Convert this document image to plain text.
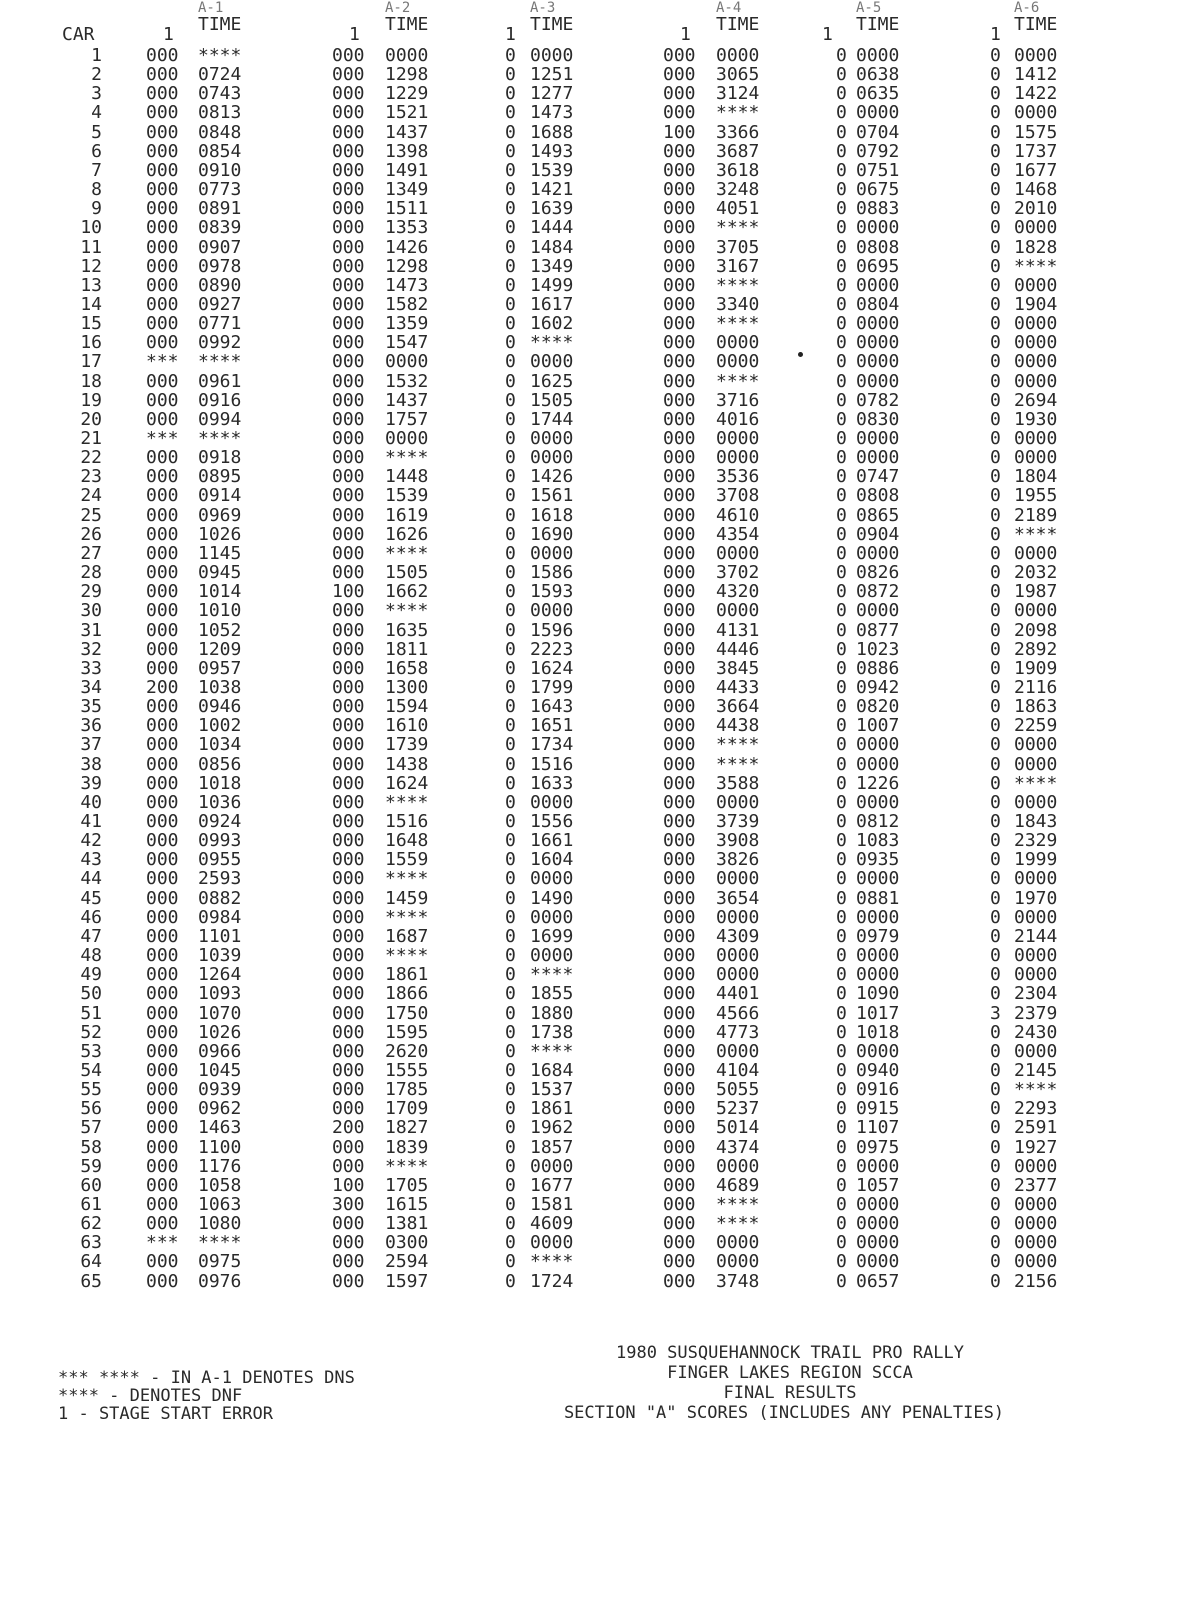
CAR
A-1	A-2	A-3	A-4	A-5	A-6
1 TIME	1 TIME	1 TIME	1 TIME	1 TIME	1 TIME
1 000	****	000	0000	0 0000	000	0000	0 0000	0 0000
2 000	0724	000	1298	0 1251	000	3065	0 0638	0 1412
3 000	0743	000	1229	0 1277	000	3124	0 0635	0 1422
4 000	0813	000	1521	0 1473	000	****	0 0000	0 0000
5 000	0848	000	1437	0 1688	100	3366	0 0704	0 1575
6 000	0854	000	1398	0 1493	000	3687	0 0792	0 1737
7 000	0910	000	1491	0 1539	000	3618	0 0751	0 1677
8 000	0773	000	1349	0 1421	000	3248	0 0675	0 1468
9 000	0891	000	1511	0 1639	000	4051	0 0883	0 2010
10 000	0839	000	1353	0 1444	000	****	0 0000	0 0000
11 000	0907	000	1426	0 1484	000	3705	0 0808	0 1828
12 000	0978	000	1298	0 1349	000	3167	0 0695	0 ****
13 000	0890	000	1473	0 1499	000	****	0 0000	0 0000
14 000	0927	000	1582	0 1617	000	3340	0 0804	0 1904
15 000	0771	000	1359	0 1602	000	****	0 0000	0 0000
16 000	0992	000	1547	0 ****	000	0000	0 0000	0 0000
17 ***	****	000	0000	0 0000	000	0000	0 0000	0 0000
18 000	0961	000	1532	0 1625	000	****	0 0000	0 0000
19 000	0916	000	1437	0 1505	000	3716	0 0782	0 2694
20 000	0994	000	1757	0 1744	000	4016	0 0830	0 1930
21 ***	****	000	0000	0 0000	000	0000	0 0000	0 0000
22 000	0918	000	****	0 0000	000	0000	0 0000	0 0000
23 000	0895	000	1448	0 1426	000	3536	0 0747	0 1804
24 000	0914	000	1539	0 1561	000	3708	0 0808	0 1955
25 000	0969	000	1619	0 1618	000	4610	0 0865	0 2189
26 000	1026	000	1626	0 1690	000	4354	0 0904	0 ****
27 000	1145	000	****	0 0000	000	0000	0 0000	0 0000
28 000	0945	000	1505	0 1586	000	3702	0 0826	0 2032
29 000	1014	100	1662	0 1593	000	4320	0 0872	0 1987
30 000	1010	000	****	0 0000	000	0000	0 0000	0 0000
31 000	1052	000	1635	0 1596	000	4131	0 0877	0 2098
32 000	1209	000	1811	0 2223	000	4446	0 1023	0 2892
33 000	0957	000	1658	0 1624	000	3845	0 0886	0 1909
34 200	1038	000	1300	0 1799	000	4433	0 0942	0 2116
35 000	0946	000	1594	0 1643	000	3664	0 0820	0 1863
36 000	1002	000	1610	0 1651	000	4438	0 1007	0 2259
37 000	1034	000	1739	0 1734	000	****	0 0000	0 0000
38 000	0856	000	1438	0 1516	000	****	0 0000	0 0000
39 000	1018	000	1624	0 1633	000	3588	0 1226	0 ****
40 000	1036	000	****	0 0000	000	0000	0 0000	0 0000
41 000	0924	000	1516	0 1556	000	3739	0 0812	0 1843
42 000	0993	000	1648	0 1661	000	3908	0 1083	0 2329
43 000	0955	000	1559	0 1604	000	3826	0 0935	0 1999
44 000	2593	000	****	0 0000	000	0000	0 0000	0 0000
45 000	0882	000	1459	0 1490	000	3654	0 0881	0 1970
46 000	0984	000	****	0 0000	000	0000	0 0000	0 0000
47 000	1101	000	1687	0 1699	000	4309	0 0979	0 2144
48 000	1039	000	****	0 0000	000	0000	0 0000	0 0000
49 000	1264	000	1861	0 ****	000	0000	0 0000	0 0000
50 000	1093	000	1866	0 1855	000	4401	0 1090	0 2304
51 000	1070	000	1750	0 1880	000	4566	0 1017	3 2379
52 000	1026	000	1595	0 1738	000	4773	0 1018	0 2430
53 000	0966	000	2620	0 ****	000	0000	0 0000	0 0000
54 000	1045	000	1555	0 1684	000	4104	0 0940	0 2145
55 000	0939	000	1785	0 1537	000	5055	0 0916	0 ****
56 000	0962	000	1709	0 1861	000	5237	0 0915	0 2293
57 000	1463	200	1827	0 1962	000	5014	0 1107	0 2591
58 000	1100	000	1839	0 1857	000	4374	0 0975	0 1927
59 000	1176	000	****	0 0000	000	0000	0 0000	0 0000
60 000	1058	100	1705	0 1677	000	4689	0 1057	0 2377
61 000	1063	300	1615	0 1581	000	****	0 0000	0 0000
62 000	1080	000	1381	0 4609	000	****	0 0000	0 0000
63 ***	****	000	0300	0 0000	000	0000	0 0000	0 0000
64 000	0975	000	2594	0 ****	000	0000	0 0000	0 0000
65 000	0976	000	1597	0 1724	000	3748	0 0657	0 2156
1980 SUSQUEHANNOCK TRAIL PRO RALLY
FINGER LAKES REGION SCCA
FINAL RESULTS
SECTION "A" SCORES (INCLUDES ANY PENALTIES)
*** **** - IN A-1 DENOTES DNS
**** - DENOTES DNF
1 - STAGE START ERROR
